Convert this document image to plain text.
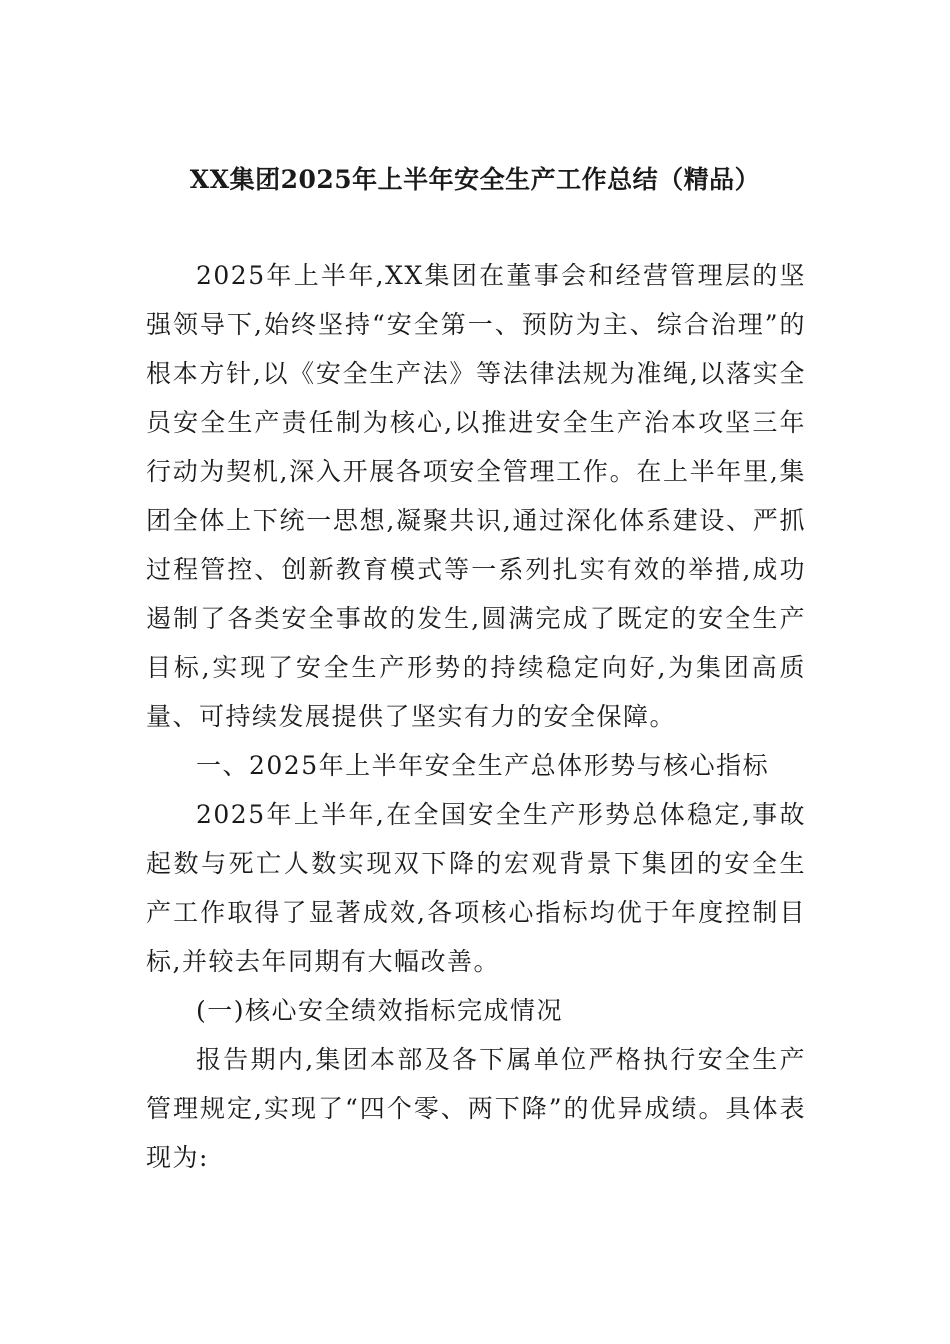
XX集团2025年上半年安全生产工作总结（精品）

2025年上半年,XX集团在董事会和经营管理层的坚强领导下,始终坚持“安全第一、预防为主、综合治理”的根本方针,以《安全生产法》等法律法规为准绳,以落实全员安全生产责任制为核心,以推进安全生产治本攻坚三年行动为契机,深入开展各项安全管理工作。在上半年里,集团全体上下统一思想,凝聚共识,通过深化体系建设、严抓过程管控、创新教育模式等一系列扎实有效的举措,成功遏制了各类安全事故的发生,圆满完成了既定的安全生产目标,实现了安全生产形势的持续稳定向好,为集团高质量、可持续发展提供了坚实有力的安全保障。

一、2025年上半年安全生产总体形势与核心指标

2025年上半年,在全国安全生产形势总体稳定,事故起数与死亡人数实现双下降的宏观背景下集团的安全生产工作取得了显著成效,各项核心指标均优于年度控制目标,并较去年同期有大幅改善。

(一)核心安全绩效指标完成情况

报告期内,集团本部及各下属单位严格执行安全生产管理规定,实现了“四个零、两下降”的优异成绩。具体表现为:
